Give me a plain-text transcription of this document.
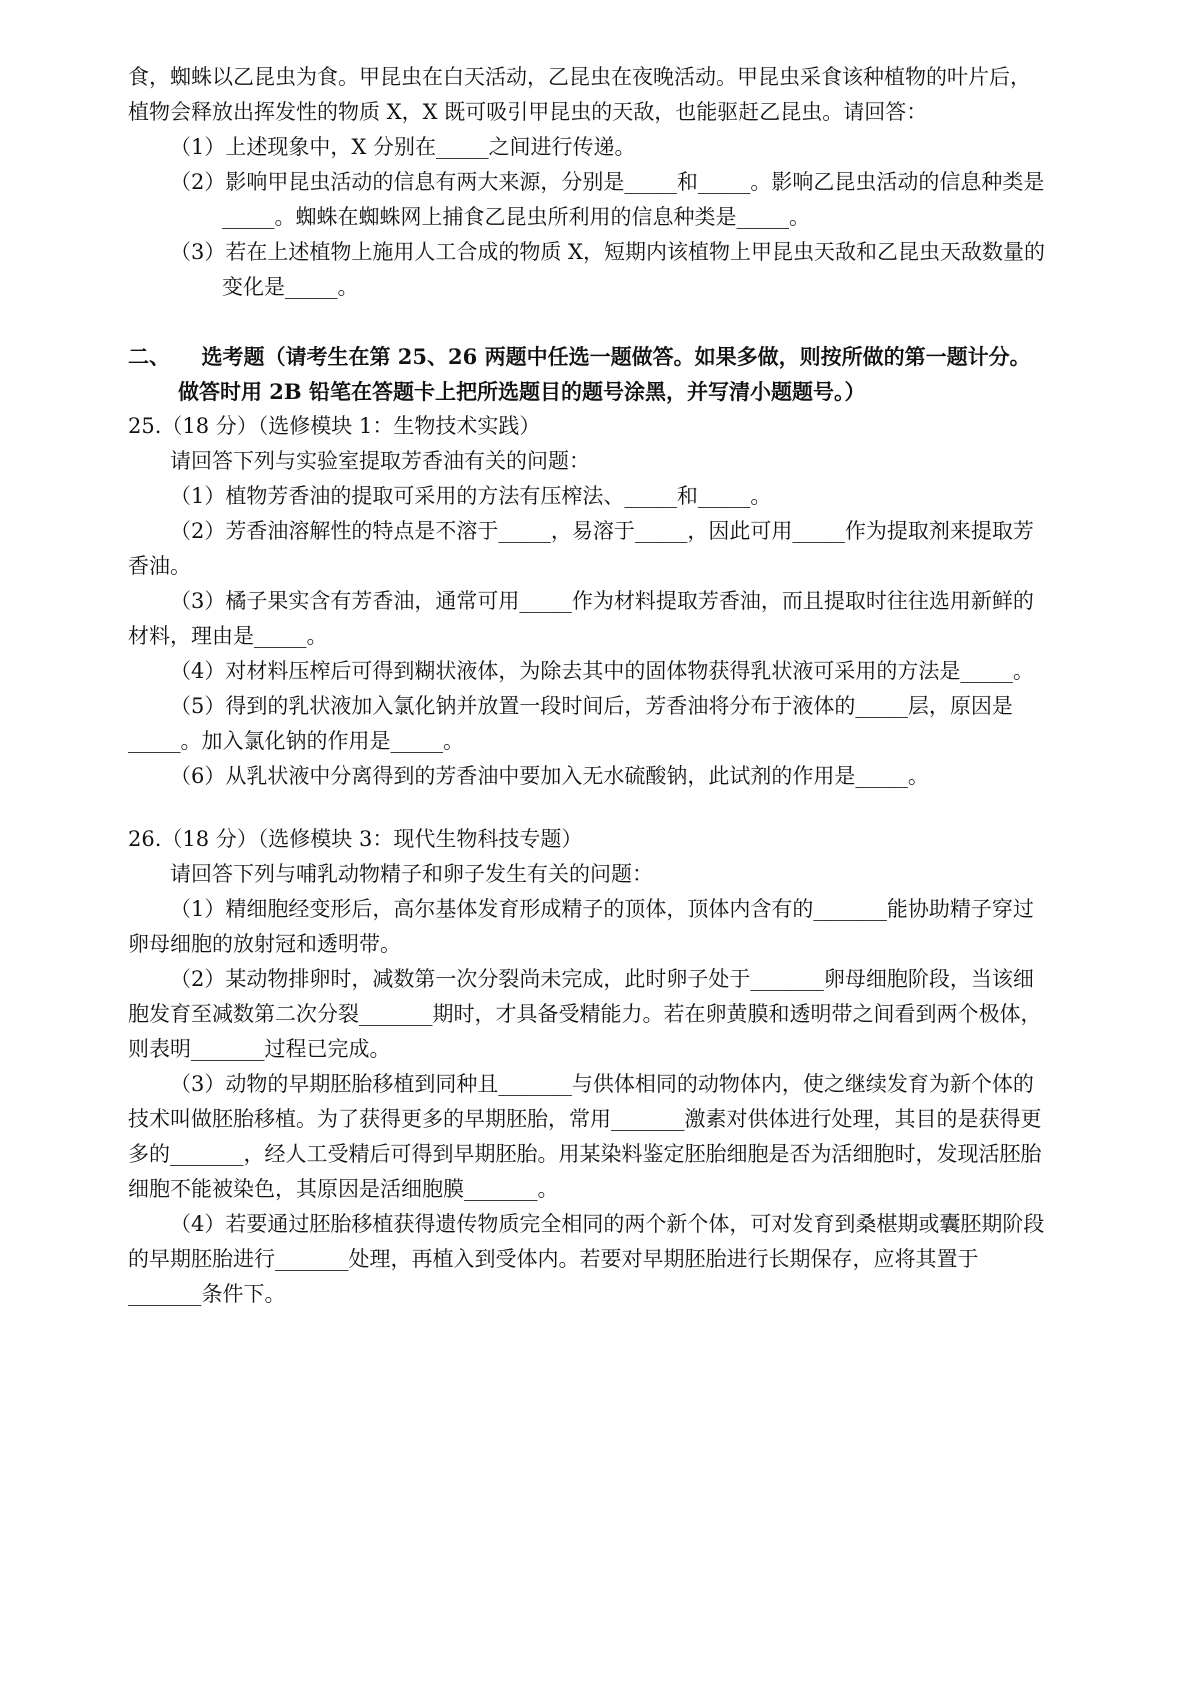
食，蜘蛛以乙昆虫为食。甲昆虫在白天活动，乙昆虫在夜晚活动。甲昆虫采食该种植物的叶片后，植物会释放出挥发性的物质 X，X 既可吸引甲昆虫的天敌，也能驱赶乙昆虫。请回答：

（1）上述现象中，X 分别在_____之间进行传递。

（2）影响甲昆虫活动的信息有两大来源，分别是_____和_____。影响乙昆虫活动的信息种类是_____。蜘蛛在蜘蛛网上捕食乙昆虫所利用的信息种类是_____。

（3）若在上述植物上施用人工合成的物质 X，短期内该植物上甲昆虫天敌和乙昆虫天敌数量的变化是_____。

二、　　选考题（请考生在第 25、26 两题中任选一题做答。如果多做，则按所做的第一题计分。做答时用 2B 铅笔在答题卡上把所选题目的题号涂黑，并写清小题题号。）

25.（18 分）（选修模块 1：生物技术实践）

请回答下列与实验室提取芳香油有关的问题：

（1）植物芳香油的提取可采用的方法有压榨法、_____和_____。

（2）芳香油溶解性的特点是不溶于_____，易溶于_____，因此可用_____作为提取剂来提取芳香油。

（3）橘子果实含有芳香油，通常可用_____作为材料提取芳香油，而且提取时往往选用新鲜的材料，理由是_____。

（4）对材料压榨后可得到糊状液体，为除去其中的固体物获得乳状液可采用的方法是_____。

（5）得到的乳状液加入氯化钠并放置一段时间后，芳香油将分布于液体的_____层，原因是_____。加入氯化钠的作用是_____。

（6）从乳状液中分离得到的芳香油中要加入无水硫酸钠，此试剂的作用是_____。

26.（18 分）（选修模块 3：现代生物科技专题）

请回答下列与哺乳动物精子和卵子发生有关的问题：

（1）精细胞经变形后，高尔基体发育形成精子的顶体，顶体内含有的_______能协助精子穿过卵母细胞的放射冠和透明带。

（2）某动物排卵时，减数第一次分裂尚未完成，此时卵子处于_______卵母细胞阶段，当该细胞发育至减数第二次分裂_______期时，才具备受精能力。若在卵黄膜和透明带之间看到两个极体，则表明_______过程已完成。

（3）动物的早期胚胎移植到同种且_______与供体相同的动物体内，使之继续发育为新个体的技术叫做胚胎移植。为了获得更多的早期胚胎，常用_______激素对供体进行处理，其目的是获得更多的_______，经人工受精后可得到早期胚胎。用某染料鉴定胚胎细胞是否为活细胞时，发现活胚胎细胞不能被染色，其原因是活细胞膜_______。

（4）若要通过胚胎移植获得遗传物质完全相同的两个新个体，可对发育到桑椹期或囊胚期阶段的早期胚胎进行_______处理，再植入到受体内。若要对早期胚胎进行长期保存，应将其置于_______条件下。
